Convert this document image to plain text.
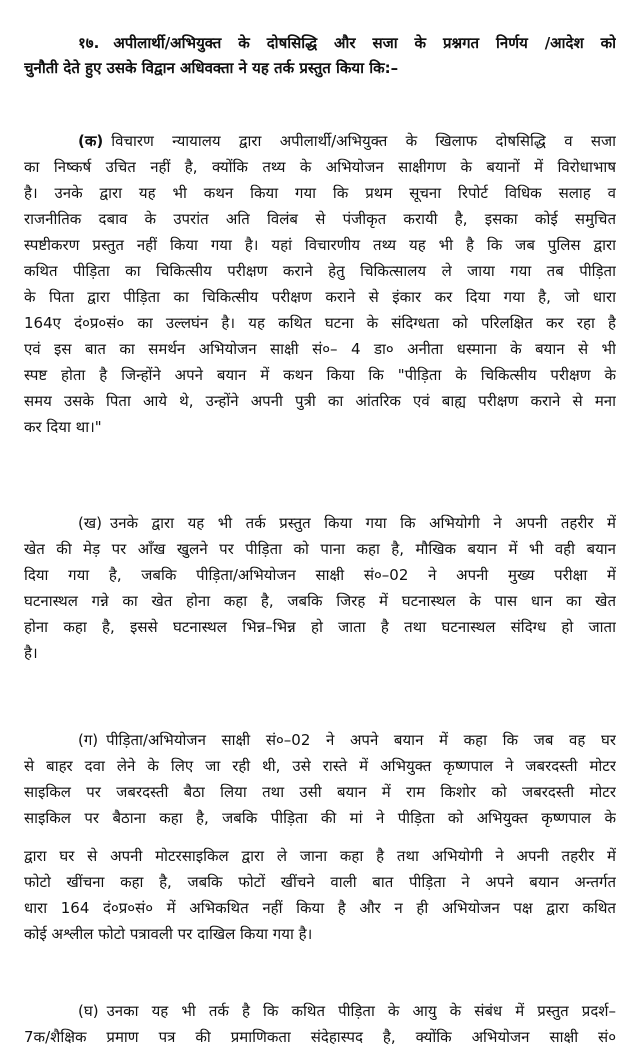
१७. अपीलार्थी/अभियुक्त के दोषसिद्धि और सजा के प्रश्नगत निर्णय /आदेश को
चुनौती देते हुए उसके विद्वान अधिवक्ता ने यह तर्क प्रस्तुत किया कि:–
(क) विचारण न्यायालय द्वारा अपीलार्थी/अभियुक्त के खिलाफ दोषसिद्धि व सजा
का निष्कर्ष उचित नहीं है, क्योंकि तथ्य के अभियोजन साक्षीगण के बयानों में विरोधाभाष
है। उनके द्वारा यह भी कथन किया गया कि प्रथम सूचना रिपोर्ट विधिक सलाह व
राजनीतिक दबाव के उपरांत अति विलंब से पंजीकृत करायी है, इसका कोई समुचित
स्पष्टीकरण प्रस्तुत नहीं किया गया है। यहां विचारणीय तथ्य यह भी है कि जब पुलिस द्वारा
कथित पीड़िता का चिकित्सीय परीक्षण कराने हेतु चिकित्सालय ले जाया गया तब पीड़िता
के पिता द्वारा पीड़िता का चिकित्सीय परीक्षण कराने से इंकार कर दिया गया है, जो धारा
164ए दं०प्र०सं० का उल्लघंन है। यह कथित घटना के संदिग्धता को परिलक्षित कर रहा है
एवं इस बात का समर्थन अभियोजन साक्षी सं०– 4 डा० अनीता धस्माना के बयान से भी
स्पष्ट होता है जिन्होंने अपने बयान में कथन किया कि "पीड़िता के चिकित्सीय परीक्षण के
समय उसके पिता आये थे, उन्होंने अपनी पुत्री का आंतरिक एवं बाह्य परीक्षण कराने से मना
कर दिया था।"
(ख) उनके द्वारा यह भी तर्क प्रस्तुत किया गया कि अभियोगी ने अपनी तहरीर में
खेत की मेड़ पर आँख खुलने पर पीड़िता को पाना कहा है, मौखिक बयान में भी वही बयान
दिया गया है, जबकि पीड़िता/अभियोजन साक्षी सं०–02 ने अपनी मुख्य परीक्षा में
घटनास्थल गन्ने का खेत होना कहा है, जबकि जिरह में घटनास्थल के पास धान का खेत
होना कहा है, इससे घटनास्थल भिन्न–भिन्न हो जाता है तथा घटनास्थल संदिग्ध हो जाता
है।
(ग) पीड़िता/अभियोजन साक्षी सं०–02 ने अपने बयान में कहा कि जब वह घर
से बाहर दवा लेने के लिए जा रही थी, उसे रास्ते में अभियुक्त कृष्णपाल ने जबरदस्ती मोटर
साइकिल पर जबरदस्ती बैठा लिया तथा उसी बयान में राम किशोर को जबरदस्ती मोटर
साइकिल पर बैठाना कहा है, जबकि पीड़िता की मां ने पीड़िता को अभियुक्त कृष्णपाल के
द्वारा घर से अपनी मोटरसाइकिल द्वारा ले जाना कहा है तथा अभियोगी ने अपनी तहरीर में
फोटो खींचना कहा है, जबकि फोटों खींचने वाली बात पीड़िता ने अपने बयान अन्तर्गत
धारा 164 दं०प्र०सं० में अभिकथित नहीं किया है और न ही अभियोजन पक्ष द्वारा कथित
कोई अश्लील फोटो पत्रावली पर दाखिल किया गया है।
(घ) उनका यह भी तर्क है कि कथित पीड़िता के आयु के संबंध में प्रस्तुत प्रदर्श–
7क/शैक्षिक प्रमाण पत्र की प्रमाणिकता संदेहास्पद है, क्योंकि अभियोजन साक्षी सं०
